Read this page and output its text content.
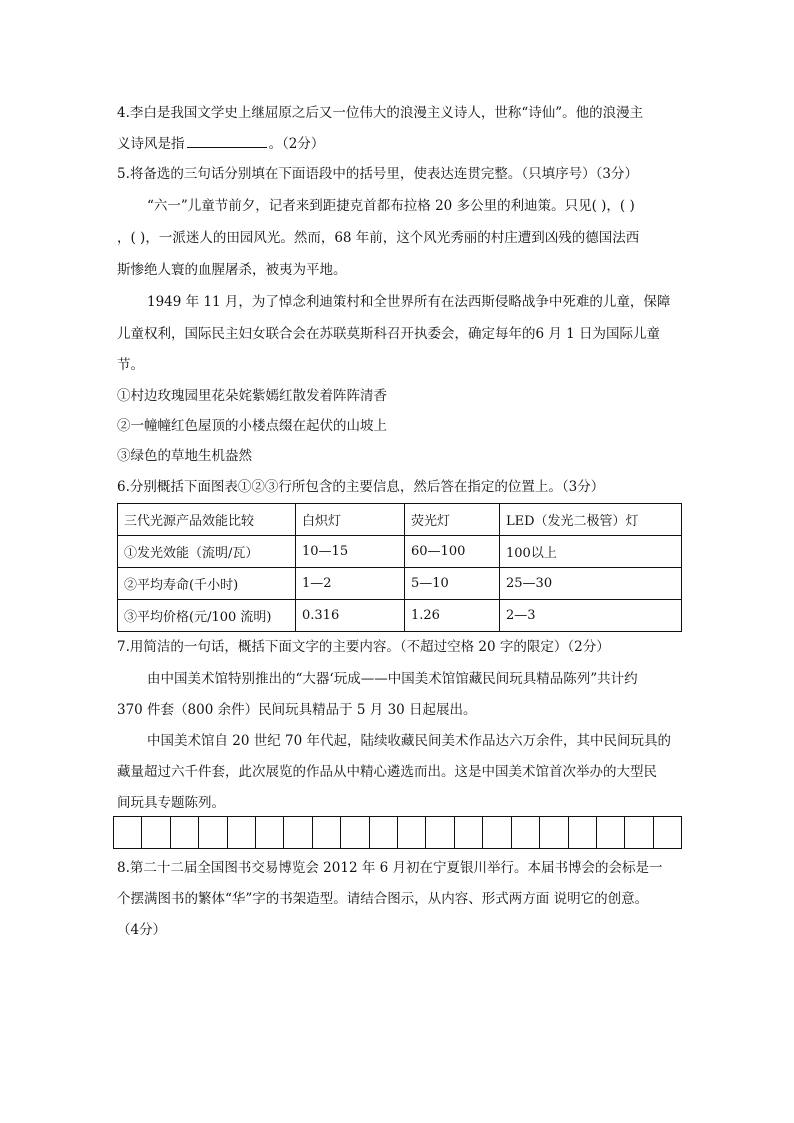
4.李白是我国文学史上继屈原之后又一位伟大的浪漫主义诗人，世称“诗仙”。他的浪漫主
义诗风是指	。（2分）
5.将备选的三句话分别填在下面语段中的括号里，使表达连贯完整。（只填序号）（3分）
“六一”儿童节前夕，记者来到距捷克首都布拉格 20 多公里的利迪策。只见( )，( )
，( )，一派迷人的田园风光。然而，68 年前，这个风光秀丽的村庄遭到凶残的德国法西
斯惨绝人寰的血腥屠杀，被夷为平地。
1949 年 11 月，为了悼念利迪策村和全世界所有在法西斯侵略战争中死难的儿童，保障
儿童权利，国际民主妇女联合会在苏联莫斯科召开执委会，确定每年的6 月 1 日为国际儿童
节。
①村边玫瑰园里花朵姹紫嫣红散发着阵阵清香
②一幢幢红色屋顶的小楼点缀在起伏的山坡上
③绿色的草地生机盎然
6.分别概括下面图表①②③行所包含的主要信息，然后答在指定的位置上。（3分）
三代光源产品效能比较	白炽灯	荧光灯	LED（发光二极管）灯
①发光效能（流明/瓦）	10—15	60—100	100以上
②平均寿命(千小时)	1—2	5—10	25—30
③平均价格(元/100 流明)	0.316	1.26	2—3
7.用简洁的一句话，概括下面文字的主要内容。（不超过空格 20 字的限定）（2分）
由中国美术馆特别推出的“大器‘玩成——中国美术馆馆藏民间玩具精品陈列”共计约
370 件套（800 余件）民间玩具精品于 5 月 30 日起展出。
中国美术馆自 20 世纪 70 年代起，陆续收藏民间美术作品达六万余件，其中民间玩具的
藏量超过六千件套，此次展览的作品从中精心遴选而出。这是中国美术馆首次举办的大型民
间玩具专题陈列。
8.第二十二届全国图书交易博览会 2012 年 6 月初在宁夏银川举行。本届书博会的会标是一
个摆满图书的繁体“华”字的书架造型。请结合图示，从内容、形式两方面 说明它的创意。
（4分）
